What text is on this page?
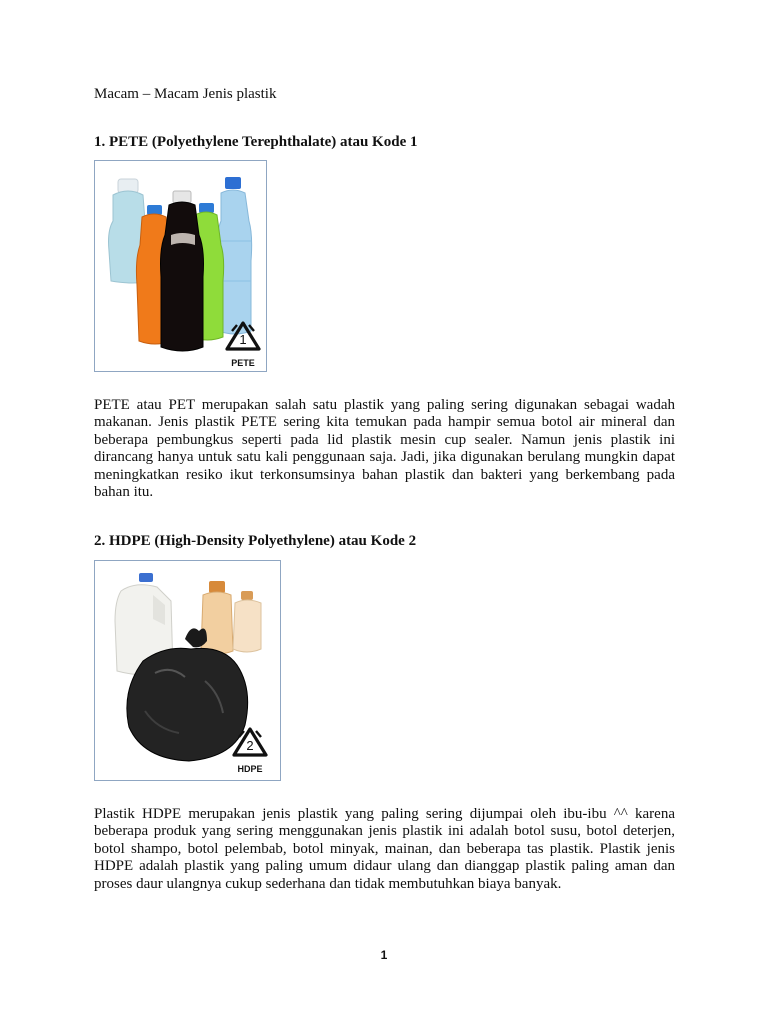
Macam – Macam Jenis plastik
1. PETE (Polyethylene Terephthalate) atau Kode 1
1
PETE
PETE atau PET merupakan salah satu plastik yang paling sering digunakan sebagai wadah makanan. Jenis plastik PETE sering kita temukan pada hampir semua botol air mineral dan beberapa pembungkus seperti pada lid plastik mesin cup sealer. Namun jenis plastik ini dirancang hanya untuk satu kali penggunaan saja. Jadi, jika digunakan berulang mungkin dapat meningkatkan resiko ikut terkonsumsinya bahan plastik dan bakteri yang berkembang pada bahan itu.
2. HDPE (High-Density Polyethylene) atau Kode 2
2
HDPE
Plastik HDPE merupakan jenis plastik yang paling sering dijumpai oleh ibu-ibu ^^ karena beberapa produk yang sering menggunakan jenis plastik ini adalah botol susu, botol deterjen, botol shampo, botol pelembab, botol minyak, mainan, dan beberapa tas plastik. Plastik jenis HDPE adalah plastik yang paling umum didaur ulang dan dianggap plastik paling aman dan proses daur ulangnya cukup sederhana dan tidak membutuhkan biaya banyak.
1
